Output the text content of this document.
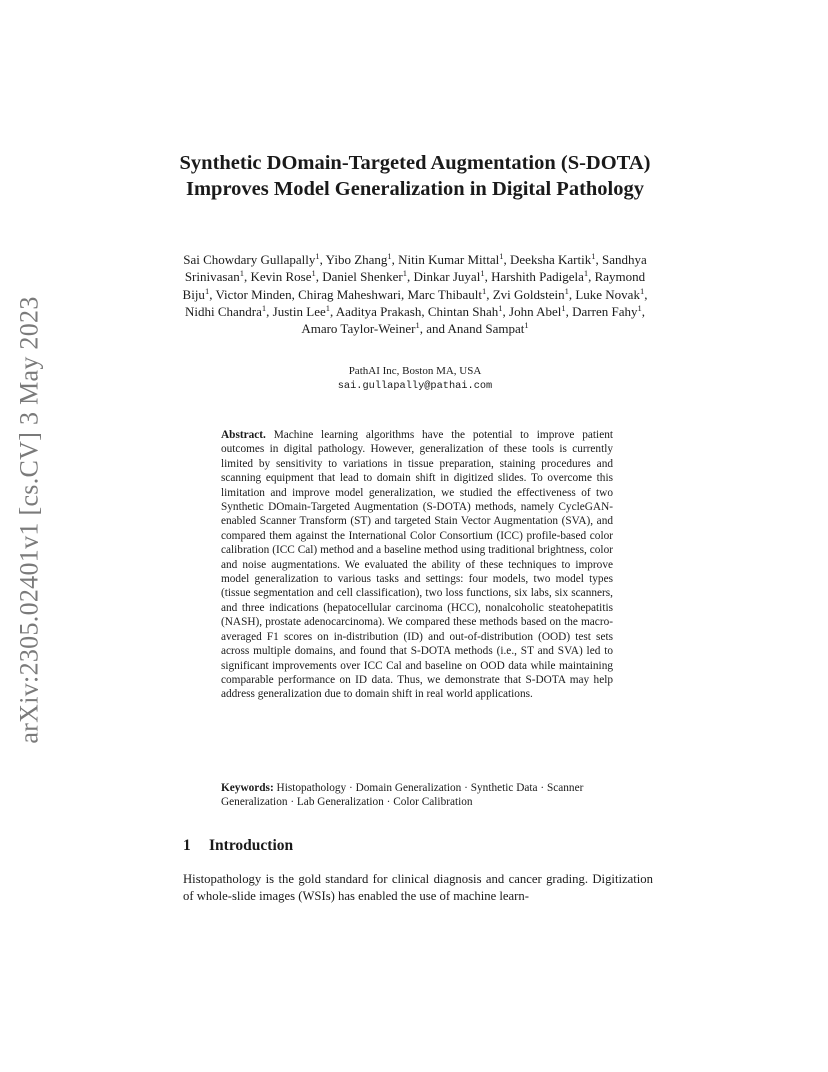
arXiv:2305.02401v1 [cs.CV] 3 May 2023
Synthetic DOmain-Targeted Augmentation (S-DOTA) Improves Model Generalization in Digital Pathology
Sai Chowdary Gullapally$^1$, Yibo Zhang$^1$, Nitin Kumar Mittal$^1$, Deeksha Kartik$^1$, Sandhya Srinivasan$^1$, Kevin Rose$^1$, Daniel Shenker$^1$, Dinkar Juyal$^1$, Harshith Padigela$^1$, Raymond Biju$^1$, Victor Minden, Chirag Maheshwari, Marc Thibault$^1$, Zvi Goldstein$^1$, Luke Novak$^1$, Nidhi Chandra$^1$, Justin Lee$^1$, Aaditya Prakash, Chintan Shah$^1$, John Abel$^1$, Darren Fahy$^1$, Amaro Taylor-Weiner$^1$, and Anand Sampat$^1$
PathAI Inc, Boston MA, USA
sai.gullapally@pathai.com
Abstract. Machine learning algorithms have the potential to improve patient outcomes in digital pathology. However, generalization of these tools is currently limited by sensitivity to variations in tissue preparation, staining procedures and scanning equipment that lead to domain shift in digitized slides. To overcome this limitation and improve model generalization, we studied the effectiveness of two Synthetic DOmain-Targeted Augmentation (S-DOTA) methods, namely CycleGAN-enabled Scanner Transform (ST) and targeted Stain Vector Augmentation (SVA), and compared them against the International Color Consortium (ICC) profile-based color calibration (ICC Cal) method and a baseline method using traditional brightness, color and noise augmentations. We evaluated the ability of these techniques to improve model generalization to various tasks and settings: four models, two model types (tissue segmentation and cell classification), two loss functions, six labs, six scanners, and three indications (hepatocellular carcinoma (HCC), nonalcoholic steatohepatitis (NASH), prostate adenocarcinoma). We compared these methods based on the macro-averaged F1 scores on in-distribution (ID) and out-of-distribution (OOD) test sets across multiple domains, and found that S-DOTA methods (i.e., ST and SVA) led to significant improvements over ICC Cal and baseline on OOD data while maintaining comparable performance on ID data. Thus, we demonstrate that S-DOTA may help address generalization due to domain shift in real world applications.
Keywords: Histopathology · Domain Generalization · Synthetic Data · Scanner Generalization · Lab Generalization · Color Calibration
1 Introduction
Histopathology is the gold standard for clinical diagnosis and cancer grading. Digitization of whole-slide images (WSIs) has enabled the use of machine learn-
